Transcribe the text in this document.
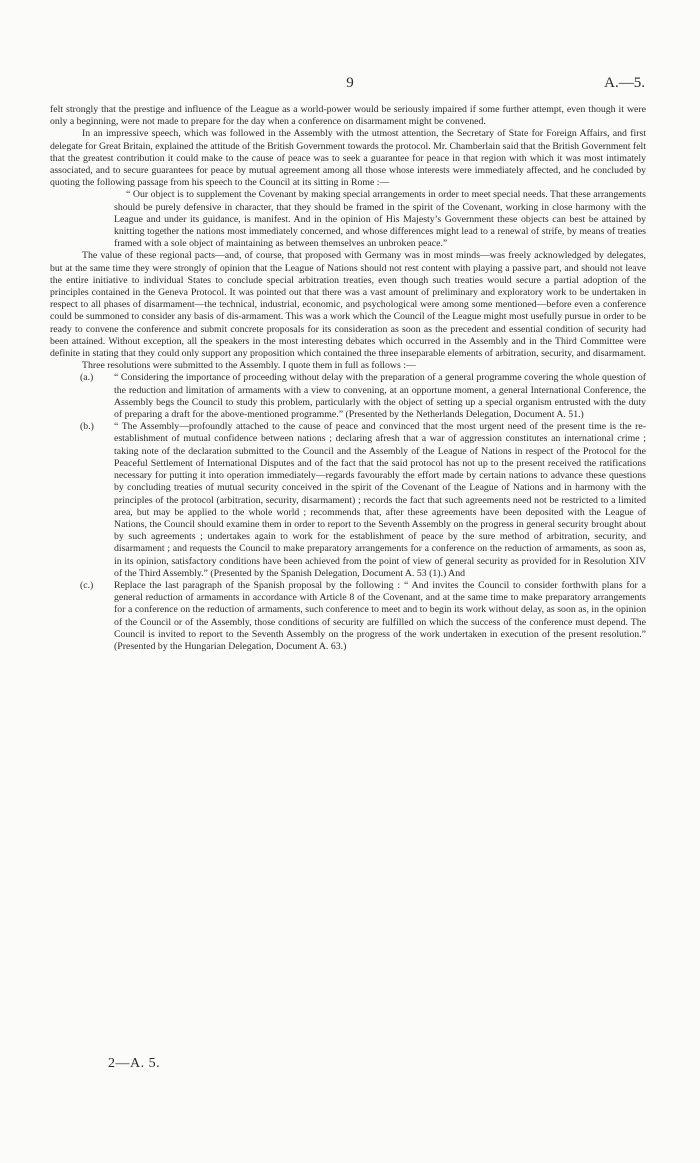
9	A.—5.

felt strongly that the prestige and influence of the League as a world-power would be seriously impaired if some further attempt, even though it were only a beginning, were not made to prepare for the day when a conference on disarmament might be convened.

In an impressive speech, which was followed in the Assembly with the utmost attention, the Secretary of State for Foreign Affairs, and first delegate for Great Britain, explained the attitude of the British Government towards the protocol. Mr. Chamberlain said that the British Government felt that the greatest contribution it could make to the cause of peace was to seek a guarantee for peace in that region with which it was most intimately associated, and to secure guarantees for peace by mutual agreement among all those whose interests were immediately affected, and he concluded by quoting the following passage from his speech to the Council at its sitting in Rome :—

“ Our object is to supplement the Covenant by making special arrangements in order to meet special needs. That these arrangements should be purely defensive in character, that they should be framed in the spirit of the Covenant, working in close harmony with the League and under its guidance, is manifest. And in the opinion of His Majesty’s Government these objects can best be attained by knitting together the nations most immediately concerned, and whose differences might lead to a renewal of strife, by means of treaties framed with a sole object of maintaining as between themselves an unbroken peace.”

The value of these regional pacts—and, of course, that proposed with Germany was in most minds—was freely acknowledged by delegates, but at the same time they were strongly of opinion that the League of Nations should not rest content with playing a passive part, and should not leave the entire initiative to individual States to conclude special arbitration treaties, even though such treaties would secure a partial adoption of the principles contained in the Geneva Protocol. It was pointed out that there was a vast amount of preliminary and exploratory work to be undertaken in respect to all phases of disarmament—the technical, industrial, economic, and psychological were among some mentioned—before even a conference could be summoned to consider any basis of dis-armament. This was a work which the Council of the League might most usefully pursue in order to be ready to convene the conference and submit concrete proposals for its consideration as soon as the precedent and essential condition of security had been attained. Without exception, all the speakers in the most interesting debates which occurred in the Assembly and in the Third Committee were definite in stating that they could only support any proposition which contained the three inseparable elements of arbitration, security, and disarmament.

Three resolutions were submitted to the Assembly. I quote them in full as follows :—

(a.) “ Considering the importance of proceeding without delay with the preparation of a general programme covering the whole question of the reduction and limitation of armaments with a view to convening, at an opportune moment, a general International Conference, the Assembly begs the Council to study this problem, particularly with the object of setting up a special organism entrusted with the duty of preparing a draft for the above-mentioned programme.” (Presented by the Netherlands Delegation, Document A. 51.)

(b.) “ The Assembly—profoundly attached to the cause of peace and convinced that the most urgent need of the present time is the re-establishment of mutual confidence between nations ; declaring afresh that a war of aggression constitutes an international crime ; taking note of the declaration submitted to the Council and the Assembly of the League of Nations in respect of the Protocol for the Peaceful Settlement of International Disputes and of the fact that the said protocol has not up to the present received the ratifications necessary for putting it into operation immediately—regards favourably the effort made by certain nations to advance these questions by concluding treaties of mutual security conceived in the spirit of the Covenant of the League of Nations and in harmony with the principles of the protocol (arbitration, security, disarmament) ; records the fact that such agreements need not be restricted to a limited area, but may be applied to the whole world ; recommends that, after these agreements have been deposited with the League of Nations, the Council should examine them in order to report to the Seventh Assembly on the progress in general security brought about by such agreements ; undertakes again to work for the establishment of peace by the sure method of arbitration, security, and disarmament ; and requests the Council to make preparatory arrangements for a conference on the reduction of armaments, as soon as, in its opinion, satisfactory conditions have been achieved from the point of view of general security as provided for in Resolution XIV of the Third Assembly.” (Presented by the Spanish Delegation, Document A. 53 (1).) And

(c.) Replace the last paragraph of the Spanish proposal by the following : “ And invites the Council to consider forthwith plans for a general reduction of armaments in accordance with Article 8 of the Covenant, and at the same time to make preparatory arrangements for a conference on the reduction of armaments, such conference to meet and to begin its work without delay, as soon as, in the opinion of the Council or of the Assembly, those conditions of security are fulfilled on which the success of the conference must depend. The Council is invited to report to the Seventh Assembly on the progress of the work undertaken in execution of the present resolution.” (Presented by the Hungarian Delegation, Document A. 63.)

2—A. 5.
